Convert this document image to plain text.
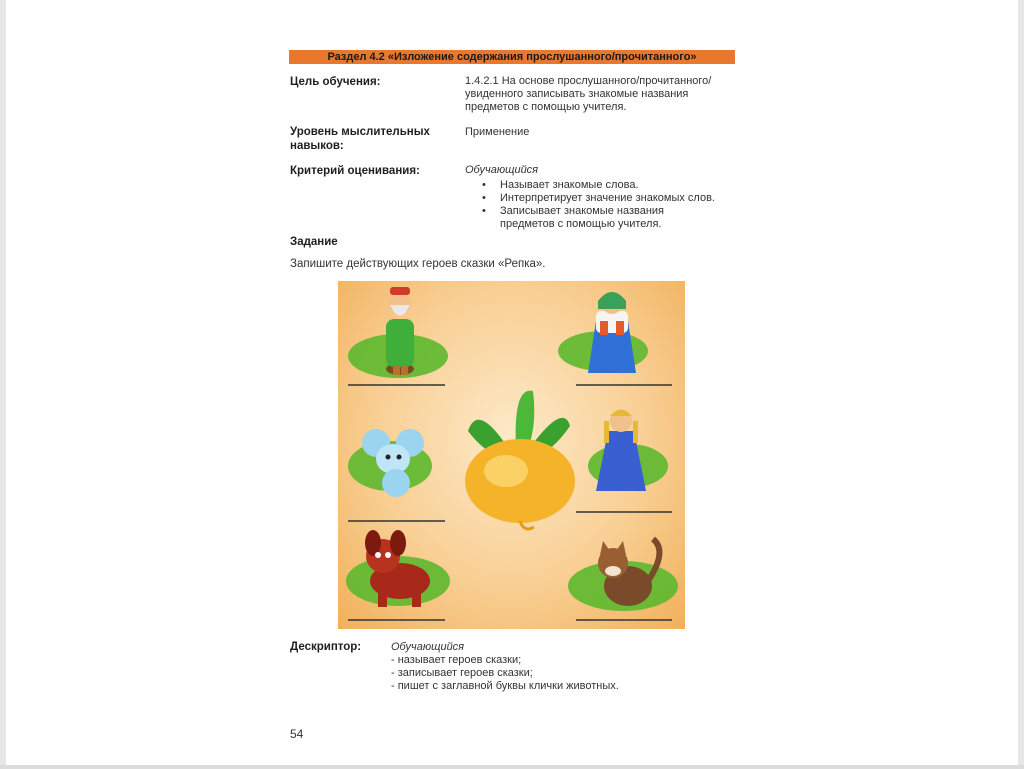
Раздел 4.2 «Изложение содержания прослушанного/прочитанного»
Цель обучения:	1.4.2.1 На основе прослушанного/прочитанного/
увиденного записывать знакомые названия
предметов с помощью учителя.
Уровень мыслительных
навыков:
Применение
Критерий оценивания:	Обучающийся
• Называет знакомые слова.
• Интерпретирует значение знакомых слов.
• Записывает знакомые названия
предметов с помощью учителя.
Задание
Запишите действующих героев сказки «Репка».
Дескриптор:	Обучающийся
- называет героев сказки;
- записывает героев сказки;
- пишет с заглавной буквы клички животных.
54
